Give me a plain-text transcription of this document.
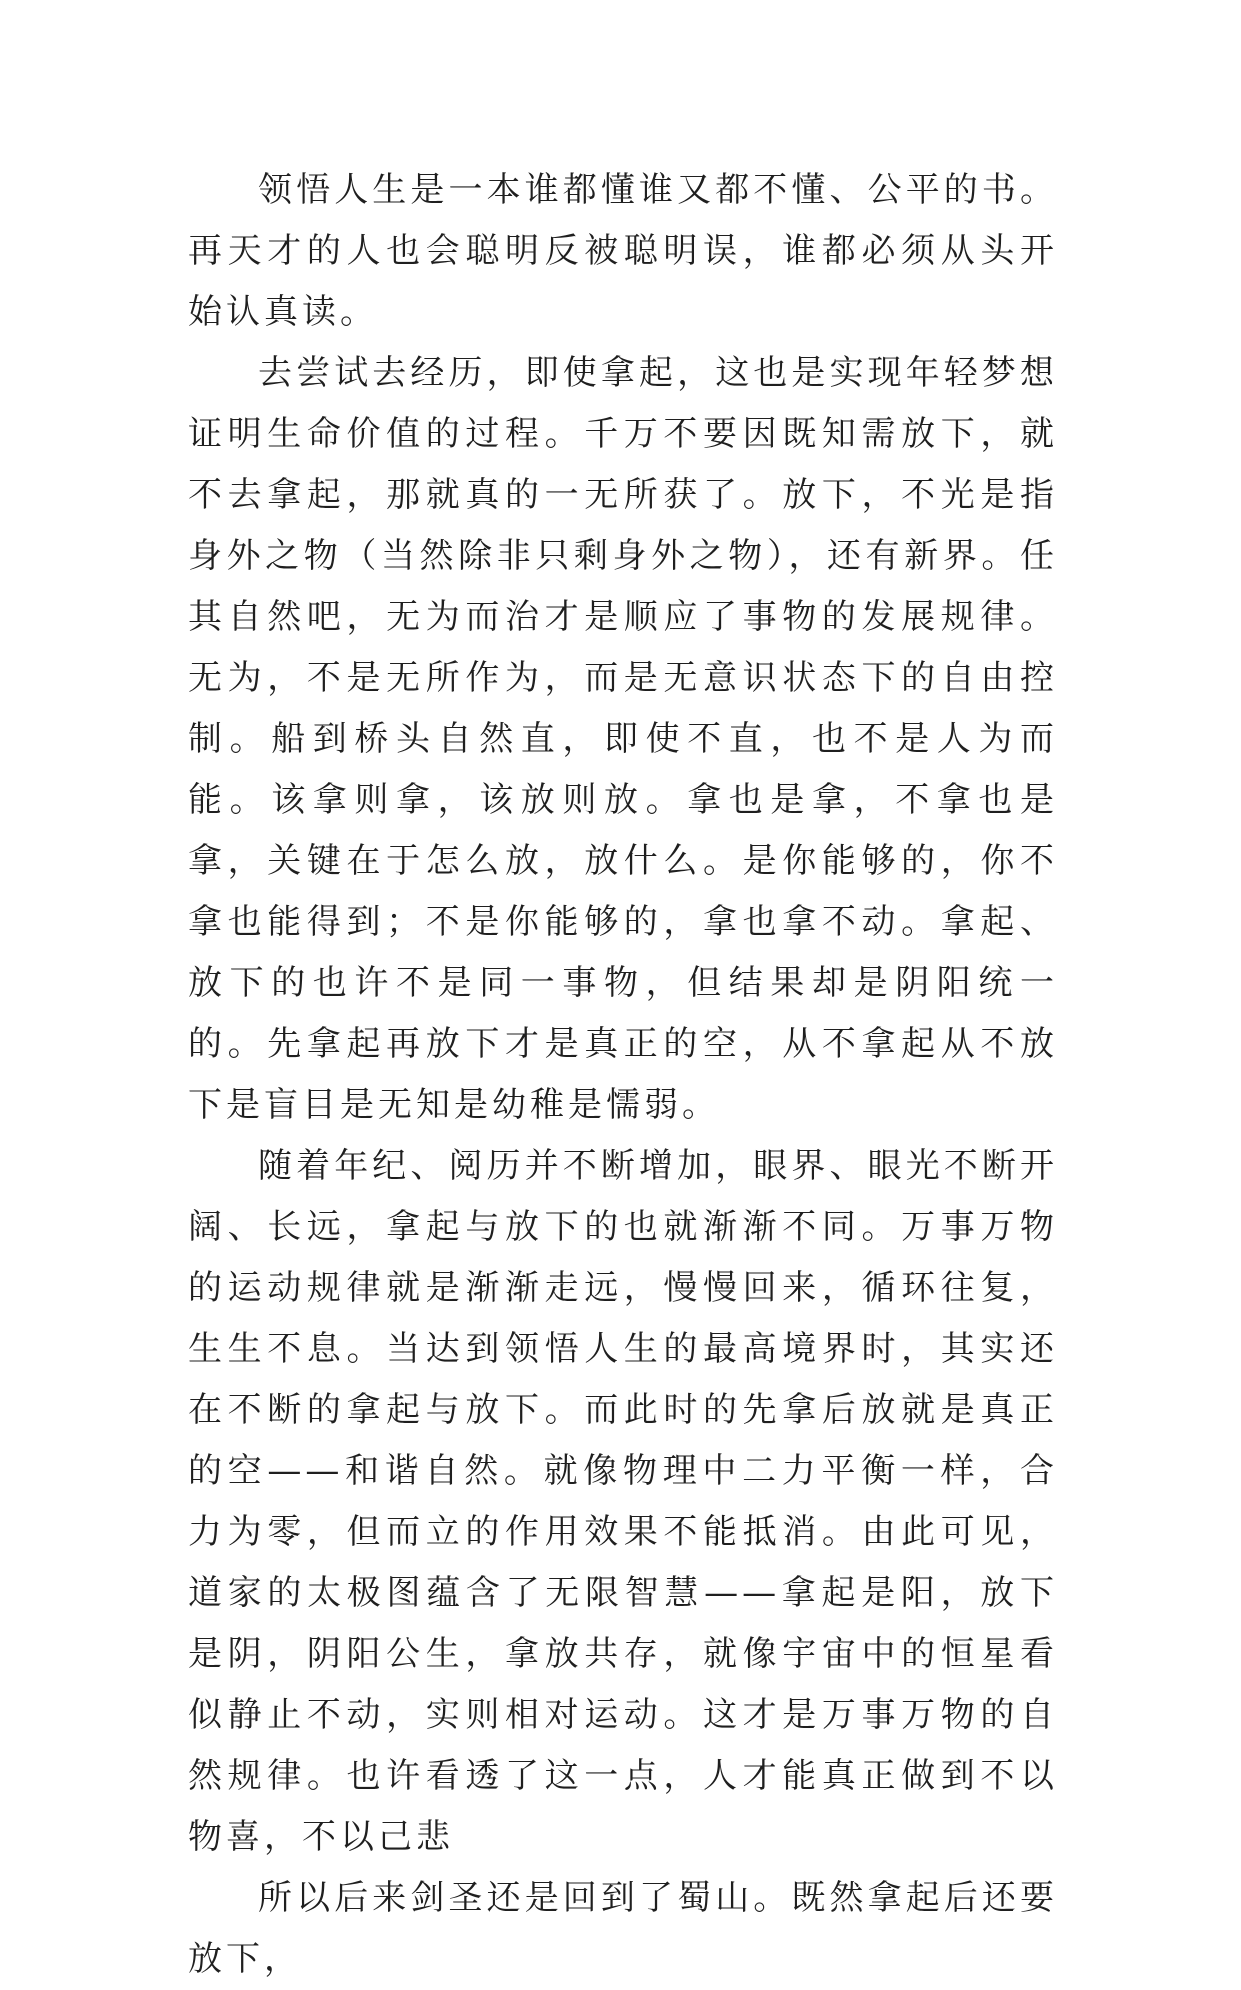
领悟人生是一本谁都懂谁又都不懂、公平的书。再天才的人也会聪明反被聪明误，谁都必须从头开始认真读。

去尝试去经历，即使拿起，这也是实现年轻梦想证明生命价值的过程。千万不要因既知需放下，就不去拿起，那就真的一无所获了。放下，不光是指身外之物（当然除非只剩身外之物），还有新界。任其自然吧，无为而治才是顺应了事物的发展规律。无为，不是无所作为，而是无意识状态下的自由控制。船到桥头自然直，即使不直，也不是人为而能。该拿则拿，该放则放。拿也是拿，不拿也是拿，关键在于怎么放，放什么。是你能够的，你不拿也能得到；不是你能够的，拿也拿不动。拿起、放下的也许不是同一事物，但结果却是阴阳统一的。先拿起再放下才是真正的空，从不拿起从不放下是盲目是无知是幼稚是懦弱。

随着年纪、阅历并不断增加，眼界、眼光不断开阔、长远，拿起与放下的也就渐渐不同。万事万物的运动规律就是渐渐走远，慢慢回来，循环往复，生生不息。当达到领悟人生的最高境界时，其实还在不断的拿起与放下。而此时的先拿后放就是真正的空——和谐自然。就像物理中二力平衡一样，合力为零，但而立的作用效果不能抵消。由此可见，道家的太极图蕴含了无限智慧——拿起是阳，放下是阴，阴阳公生，拿放共存，就像宇宙中的恒星看似静止不动，实则相对运动。这才是万事万物的自然规律。也许看透了这一点，人才能真正做到不以物喜，不以己悲

所以后来剑圣还是回到了蜀山。既然拿起后还要放下，
